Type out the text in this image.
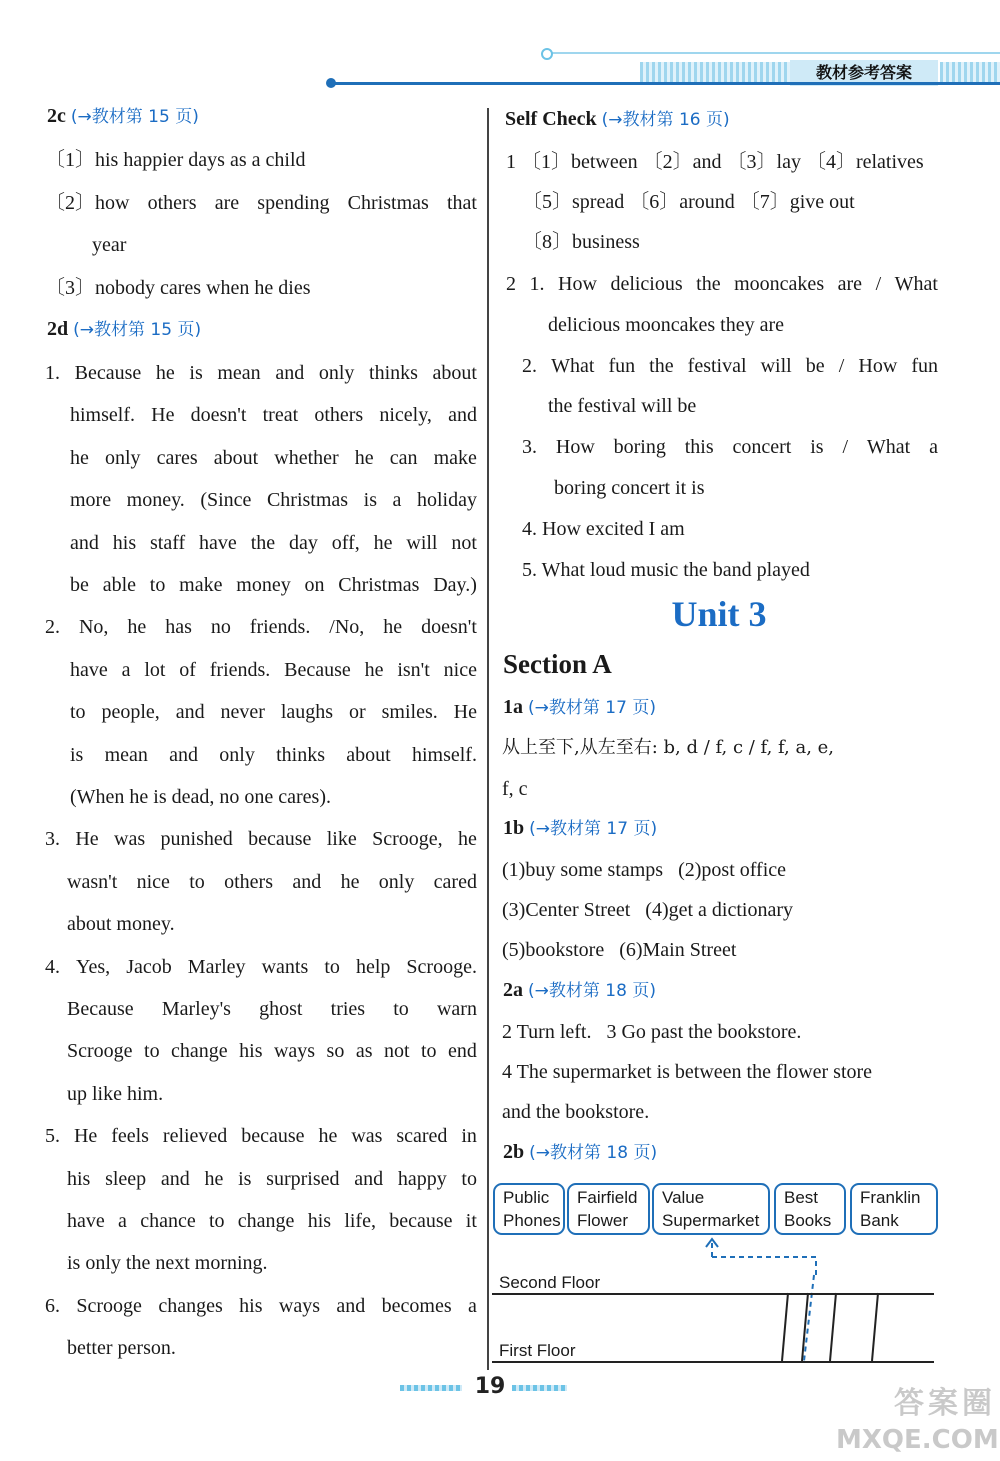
教材参考答案
2c (→教材第 15 页)
〔1〕his happier days as a child
〔2〕how others are spending Christmas that
year
〔3〕nobody cares when he dies
2d (→教材第 15 页)
1. Because he is mean and only thinks about
himself. He doesn't treat others nicely, and
he only cares about whether he can make
more money. (Since Christmas is a holiday
and his staff have the day off, he will not
be able to make money on Christmas Day.)
2. No, he has no friends. /No, he doesn't
have a lot of friends. Because he isn't nice
to people, and never laughs or smiles. He
is mean and only thinks about himself.
(When he is dead, no one cares).
3. He was punished because like Scrooge, he
wasn't nice to others and he only cared
about money.
4. Yes, Jacob Marley wants to help Scrooge.
Because Marley's ghost tries to warn
Scrooge to change his ways so as not to end
up like him.
5. He feels relieved because he was scared in
his sleep and he is surprised and happy to
have a chance to change his life, because it
is only the next morning.
6. Scrooge changes his ways and becomes a
better person.
Self Check (→教材第 16 页)
1 〔1〕between 〔2〕and 〔3〕lay 〔4〕relatives
〔5〕spread 〔6〕around 〔7〕give out
〔8〕business
2 1. How delicious the mooncakes are / What
delicious mooncakes they are
2. What fun the festival will be / How fun
the festival will be
3. How boring this concert is / What a
boring concert it is
4. How excited I am
5. What loud music the band played
Unit 3
Section A
1a (→教材第 17 页)
从上至下,从左至右: b, d / f, c / f, f, a, e,
f, c
1b (→教材第 17 页)
(1)buy some stamps   (2)post office
(3)Center Street   (4)get a dictionary
(5)bookstore   (6)Main Street
2a (→教材第 18 页)
2 Turn left.   3 Go past the bookstore.
4 The supermarket is between the flower store
and the bookstore.
2b (→教材第 18 页)
Public
Phones
Fairfield
Flower
Value
Supermarket
Best
Books
Franklin
Bank
Second Floor
First Floor
19	答案圈
MXQE.COM
